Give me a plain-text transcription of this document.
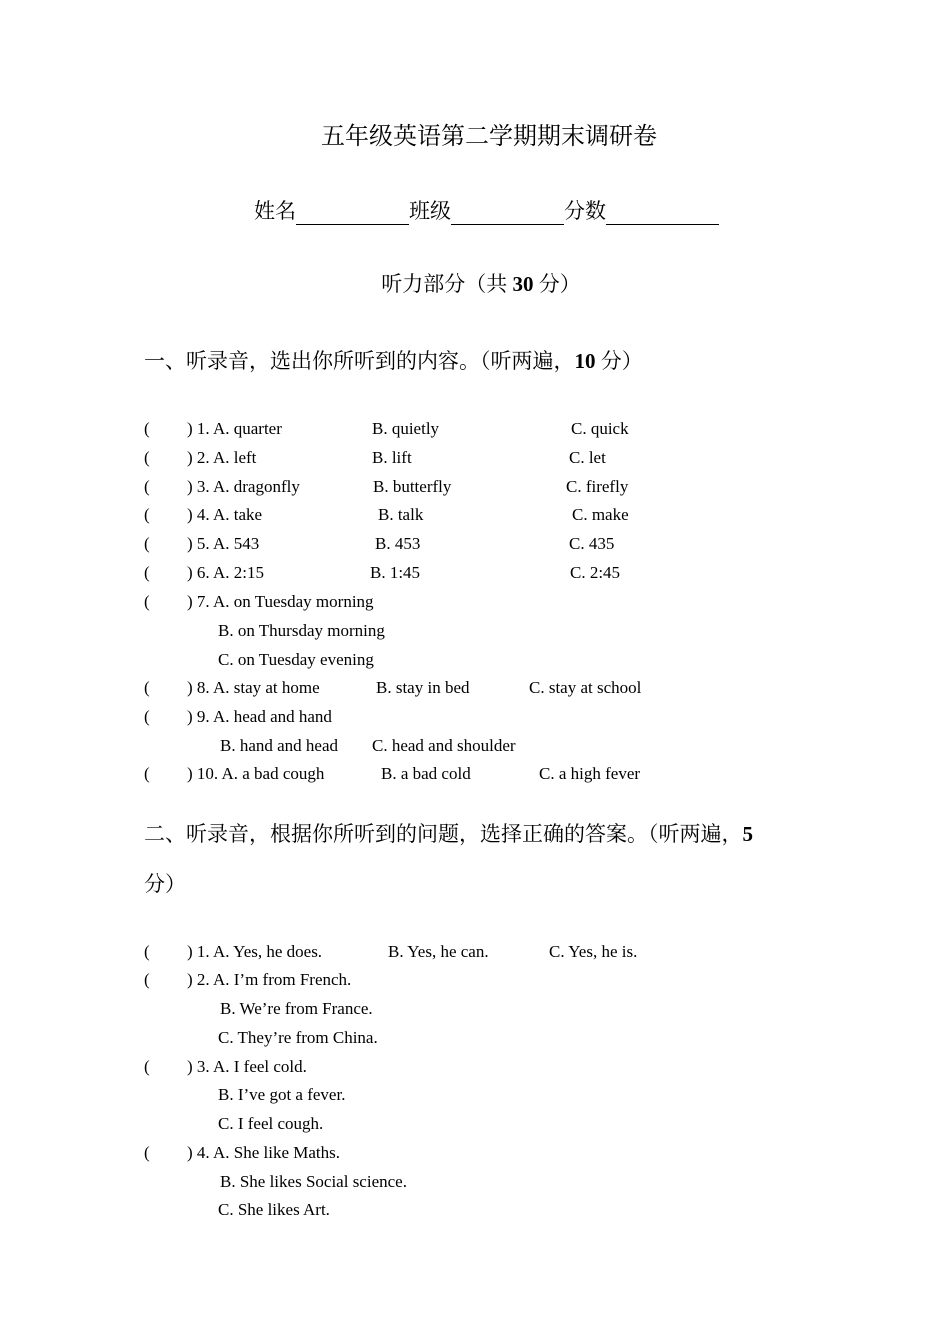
五年级英语第二学期期末调研卷
姓名	班级	分数
听力部分（共 30 分）
一、听录音，选出你所听到的内容。（听两遍，10 分）
( ) 1. A. quarter	B. quietly	C. quick
( ) 2. A. left	B. lift	C. let
( ) 3. A. dragonfly	B. butterfly	C. firefly
( ) 4. A. take	B. talk	C. make
( ) 5. A. 543	B. 453	C. 435
( ) 6. A. 2:15	B. 1:45	C. 2:45
( ) 7. A. on Tuesday morning
B. on Thursday morning
C. on Tuesday evening
( ) 8. A. stay at home	B. stay in bed	C. stay at school
( ) 9. A. head and hand
B. hand and head C. head and shoulder
( ) 10. A. a bad cough	B. a bad cold	C. a high fever
二、听录音，根据你所听到的问题，选择正确的答案。（听两遍，5
分）
( ) 1. A. Yes, he does.	B. Yes, he can.	C. Yes, he is.
( ) 2. A. I’m from French.
B. We’re from France.
C. They’re from China.
( ) 3. A. I feel cold.
B. I’ve got a fever.
C. I feel cough.
( ) 4. A. She like Maths.
B. She likes Social science.
C. She likes Art.
